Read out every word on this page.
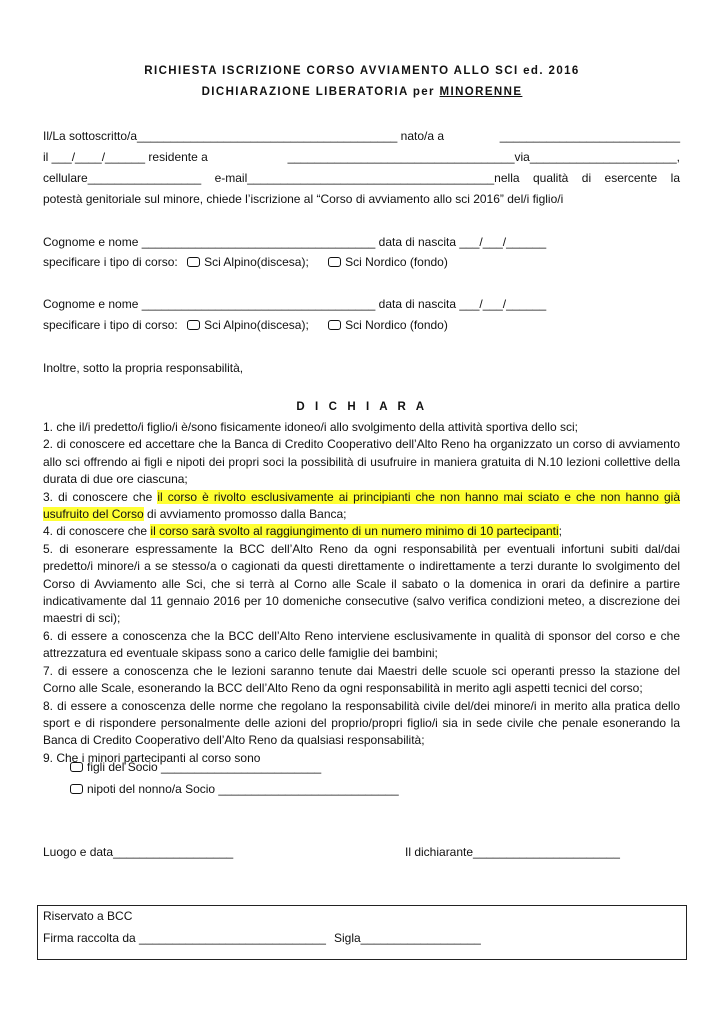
RICHIESTA ISCRIZIONE CORSO AVVIAMENTO ALLO SCI ed. 2016
DICHIARAZIONE LIBERATORIA per MINORENNE
Il/La sottoscritto/a_______________________________________ nato/a a	___________________________
il ___/____/______ residente a	__________________________________via______________________,
cellulare_________________ e-mail_____________________________________nella qualità di esercente la
potestà genitoriale sul minore, chiede l’iscrizione al “Corso di avviamento allo sci 2016” del/i figlio/i
Cognome e nome ___________________________________ data di nascita ___/___/______
specificare i tipo di corso: Sci Alpino(discesa);	Sci Nordico (fondo)
Cognome e nome ___________________________________ data di nascita ___/___/______
specificare i tipo di corso: Sci Alpino(discesa);	Sci Nordico (fondo)
Inoltre, sotto la propria responsabilità,
D I C H I A R A
1. che il/i predetto/i figlio/i è/sono fisicamente idoneo/i allo svolgimento della attività sportiva dello sci;
2. di conoscere ed accettare che la Banca di Credito Cooperativo dell’Alto Reno ha organizzato un corso di avviamento allo sci offrendo ai figli e nipoti dei propri soci la possibilità di usufruire in maniera gratuita di N.10 lezioni collettive della durata di due ore ciascuna;
3. di conoscere che il corso è rivolto esclusivamente ai principianti che non hanno mai sciato e che non hanno già usufruito del Corso di avviamento promosso dalla Banca;
4. di conoscere che il corso sarà svolto al raggiungimento di un numero minimo di 10 partecipanti;
5. di esonerare espressamente la BCC dell’Alto Reno da ogni responsabilità per eventuali infortuni subiti dal/dai predetto/i minore/i a se stesso/a o cagionati da questi direttamente o indirettamente a terzi durante lo svolgimento del Corso di Avviamento alle Sci, che si terrà al Corno alle Scale il sabato o la domenica in orari da definire a partire indicativamente dal 11 gennaio 2016 per 10 domeniche consecutive (salvo verifica condizioni meteo, a discrezione dei maestri di sci);
6. di essere a conoscenza che la BCC dell’Alto Reno interviene esclusivamente in qualità di sponsor del corso e che attrezzatura ed eventuale skipass sono a carico delle famiglie dei bambini;
7. di essere a conoscenza che le lezioni saranno tenute dai Maestri delle scuole sci operanti presso la stazione del Corno alle Scale, esonerando la BCC dell’Alto Reno da ogni responsabilità in merito agli aspetti tecnici del corso;
8. di essere a conoscenza delle norme che regolano la responsabilità civile del/dei minore/i in merito alla pratica dello sport e di rispondere personalmente delle azioni del proprio/propri figlio/i sia in sede civile che penale esonerando la Banca di Credito Cooperativo dell’Alto Reno da qualsiasi responsabilità;
9. Che i minori partecipanti al corso sono
figli del Socio ________________________
nipoti del nonno/a Socio ___________________________
Luogo e data__________________	Il dichiarante______________________
Riservato a BCC
Firma raccolta da ____________________________ Sigla__________________
